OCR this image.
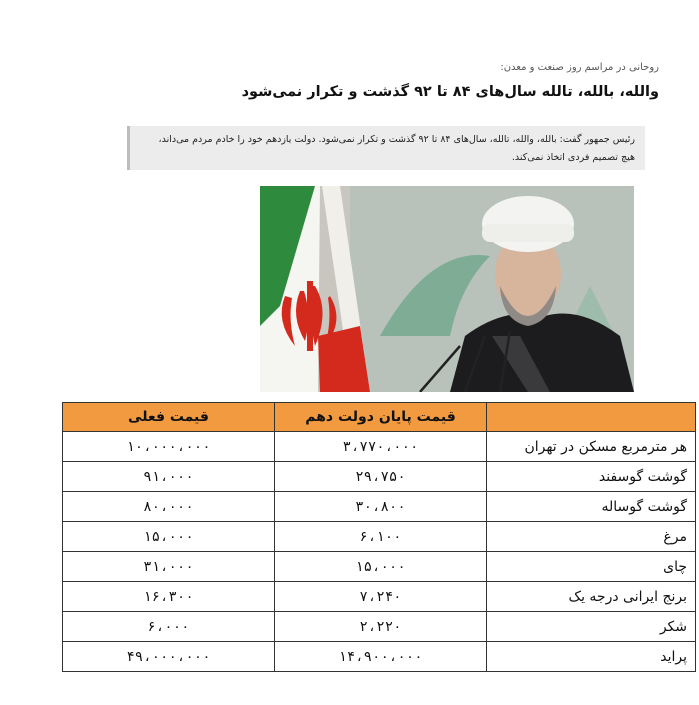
روحانی در مراسم روز صنعت و معدن:
والله، بالله، تالله سال‌های ۸۴ تا ۹۲ گذشت و تکرار نمی‌شود
رئیس جمهور گفت: بالله، والله، تالله، سال‌های ۸۴ تا ۹۲ گذشت و تکرار نمی‌شود. دولت یازدهم خود را خادم مردم می‌داند،
هیچ تصمیم فردی اتخاذ نمی‌کند.
قیمت فعلی	قیمت پایان دولت دهم	
۱۰،۰۰۰،۰۰۰	۳،۷۷۰،۰۰۰	هر مترمربع مسکن در تهران
۹۱،۰۰۰	۲۹،۷۵۰	گوشت گوسفند
۸۰،۰۰۰	۳۰،۸۰۰	گوشت گوساله
۱۵،۰۰۰	۶،۱۰۰	مرغ
۳۱،۰۰۰	۱۵،۰۰۰	چای
۱۶،۳۰۰	۷،۲۴۰	برنج ایرانی درجه یک
۶،۰۰۰	۲،۲۲۰	شکر
۴۹،۰۰۰،۰۰۰	۱۴،۹۰۰،۰۰۰	پراید
